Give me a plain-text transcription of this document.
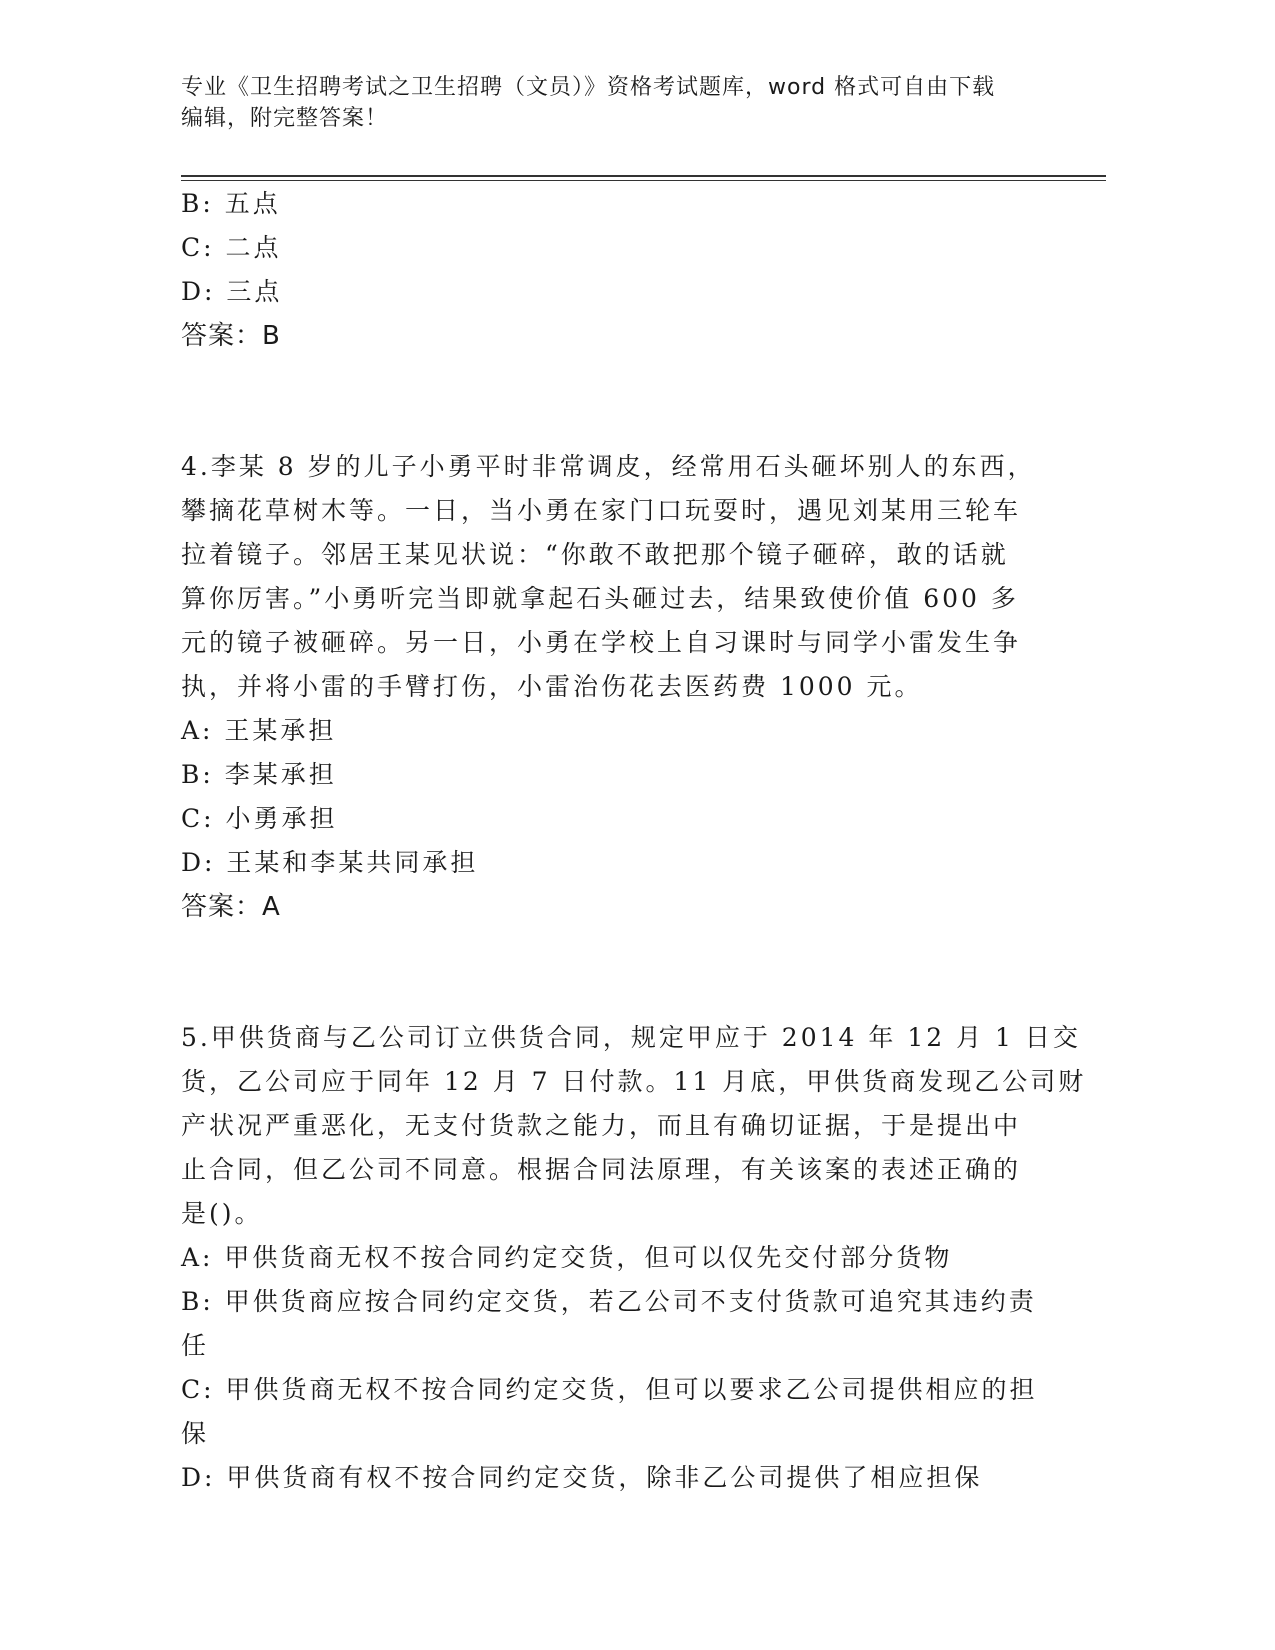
专业《卫生招聘考试之卫生招聘（文员）》资格考试题库，word 格式可自由下载
编辑，附完整答案！
B: 五点
C: 二点
D: 三点
答案：B
4.李某 8 岁的儿子小勇平时非常调皮，经常用石头砸坏别人的东西，
攀摘花草树木等。一日，当小勇在家门口玩耍时，遇见刘某用三轮车
拉着镜子。邻居王某见状说：“你敢不敢把那个镜子砸碎，敢的话就
算你厉害。”小勇听完当即就拿起石头砸过去，结果致使价值 600 多
元的镜子被砸碎。另一日，小勇在学校上自习课时与同学小雷发生争
执，并将小雷的手臂打伤，小雷治伤花去医药费 1000 元。
A: 王某承担
B: 李某承担
C: 小勇承担
D: 王某和李某共同承担
答案：A
5.甲供货商与乙公司订立供货合同，规定甲应于 2014 年 12 月 1 日交
货，乙公司应于同年 12 月 7 日付款。11 月底，甲供货商发现乙公司财
产状况严重恶化，无支付货款之能力，而且有确切证据，于是提出中
止合同，但乙公司不同意。根据合同法原理，有关该案的表述正确的
是()。
A: 甲供货商无权不按合同约定交货，但可以仅先交付部分货物
B: 甲供货商应按合同约定交货，若乙公司不支付货款可追究其违约责
任
C: 甲供货商无权不按合同约定交货，但可以要求乙公司提供相应的担
保
D: 甲供货商有权不按合同约定交货，除非乙公司提供了相应担保
